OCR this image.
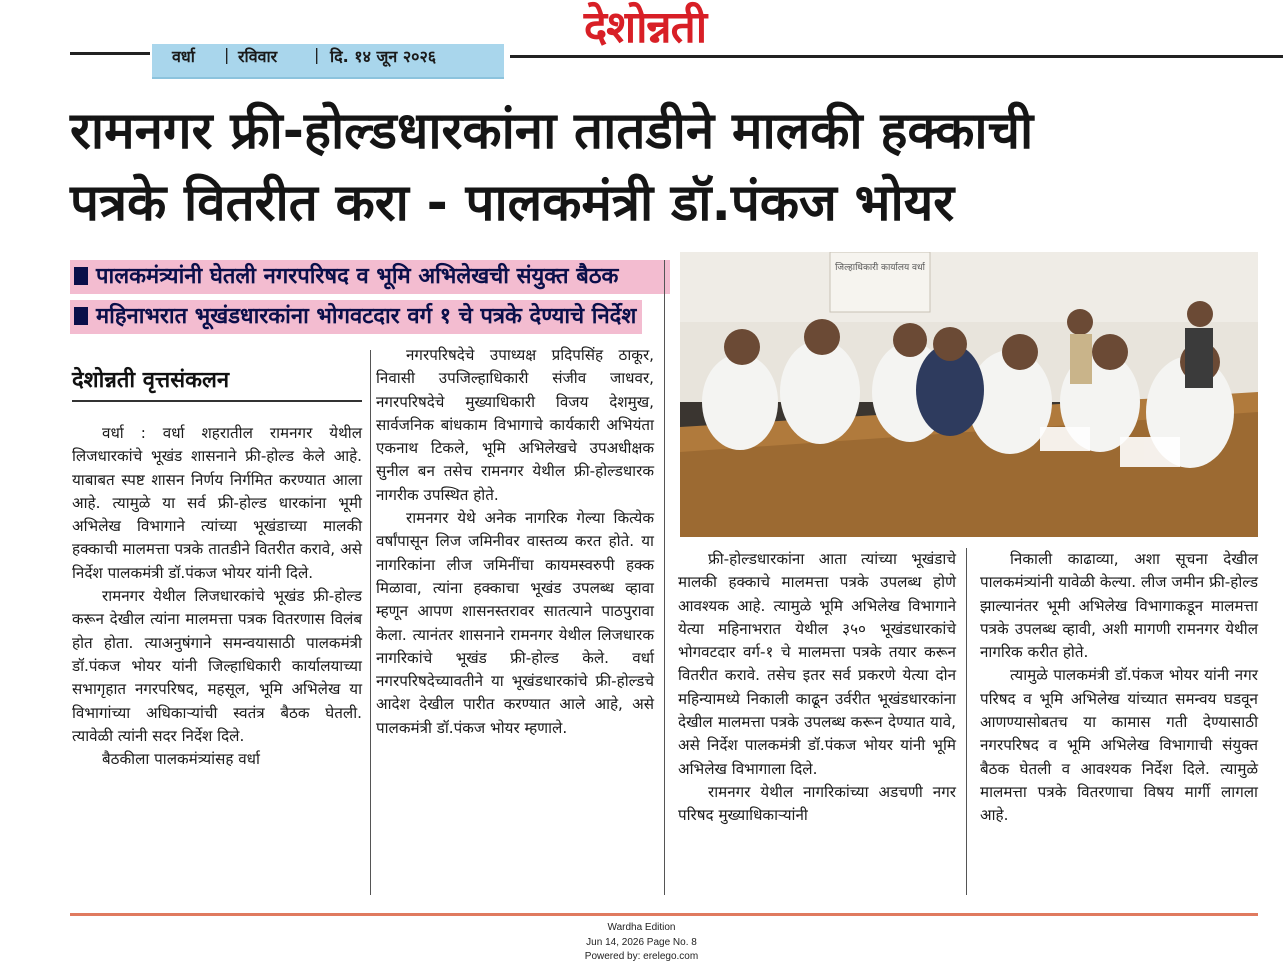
देशोन्नती
वर्धा | रविवार | दि. १४ जून २०२६
रामनगर फ्री-होल्डधारकांना तातडीने मालकी हक्काची
पत्रके वितरीत करा - पालकमंत्री डॉ.पंकज भोयर
पालकमंत्र्यांनी घेतली नगरपरिषद व भूमि अभिलेखची संयुक्त बैठक
महिनाभरात भूखंडधारकांना भोगवटदार वर्ग १ चे पत्रके देण्याचे निर्देश
देशोन्नती वृत्तसंकलन

वर्धा : वर्धा शहरातील रामनगर येथील लिजधारकांचे भूखंड शासनाने फ्री-होल्ड केले आहे. याबाबत स्पष्ट शासन निर्णय निर्गमित करण्यात आला आहे. त्यामुळे या सर्व फ्री-होल्ड धारकांना भूमी अभिलेख विभागाने त्यांच्या भूखंडाच्या मालकी हक्काची मालमत्ता पत्रके तातडीने वितरीत करावे, असे निर्देश पालकमंत्री डॉ.पंकज भोयर यांनी दिले.

रामनगर येथील लिजधारकांचे भूखंड फ्री-होल्ड करून देखील त्यांना मालमत्ता पत्रक वितरणास विलंब होत होता. त्याअनुषंगाने समन्वयासाठी पालकमंत्री डॉ.पंकज भोयर यांनी जिल्हाधिकारी कार्यालयाच्या सभागृहात नगरपरिषद, महसूल, भूमि अभिलेख या विभागांच्या अधिकाऱ्यांची स्वतंत्र बैठक घेतली. त्यावेळी त्यांनी सदर निर्देश दिले.

बैठकीला पालकमंत्र्यांसह वर्धा

नगरपरिषदेचे उपाध्यक्ष प्रदिपसिंह ठाकूर, निवासी उपजिल्हाधिकारी संजीव जाधवर, नगरपरिषदेचे मुख्याधिकारी विजय देशमुख, सार्वजनिक बांधकाम विभागाचे कार्यकारी अभियंता एकनाथ टिकले, भूमि अभिलेखचे उपअधीक्षक सुनील बन तसेच रामनगर येथील फ्री-होल्डधारक नागरीक उपस्थित होते.

रामनगर येथे अनेक नागरिक गेल्या कित्येक वर्षांपासून लिज जमिनीवर वास्तव्य करत होते. या नागरिकांना लीज जमिनींचा कायमस्वरुपी हक्क मिळावा, त्यांना हक्काचा भूखंड उपलब्ध व्हावा म्हणून आपण शासनस्तरावर सातत्याने पाठपुरावा केला. त्यानंतर शासनाने रामनगर येथील लिजधारक नागरिकांचे भूखंड फ्री-होल्ड केले. वर्धा नगरपरिषदेच्यावतीने या भूखंडधारकांचे फ्री-होल्डचे आदेश देखील पारीत करण्यात आले आहे, असे पालकमंत्री डॉ.पंकज भोयर म्हणाले.

जिल्हाधिकारी कार्यालय वर्धा

फ्री-होल्डधारकांना आता त्यांच्या भूखंडाचे मालकी हक्काचे मालमत्ता पत्रके उपलब्ध होणे आवश्यक आहे. त्यामुळे भूमि अभिलेख विभागाने येत्या महिनाभरात येथील ३५० भूखंडधारकांचे भोगवटदार वर्ग-१ चे मालमत्ता पत्रके तयार करून वितरीत करावे. तसेच इतर सर्व प्रकरणे येत्या दोन महिन्यामध्ये निकाली काढून उर्वरीत भूखंडधारकांना देखील मालमत्ता पत्रके उपलब्ध करून देण्यात यावे, असे निर्देश पालकमंत्री डॉ.पंकज भोयर यांनी भूमि अभिलेख विभागाला दिले.

रामनगर येथील नागरिकांच्या अडचणी नगर परिषद मुख्याधिकाऱ्यांनी

निकाली काढाव्या, अशा सूचना देखील पालकमंत्र्यांनी यावेळी केल्या. लीज जमीन फ्री-होल्ड झाल्यानंतर भूमी अभिलेख विभागाकडून मालमत्ता पत्रके उपलब्ध व्हावी, अशी मागणी रामनगर येथील नागरिक करीत होते.

त्यामुळे पालकमंत्री डॉ.पंकज भोयर यांनी नगर परिषद व भूमि अभिलेख यांच्यात समन्वय घडवून आणण्यासोबतच या कामास गती देण्यासाठी नगरपरिषद व भूमि अभिलेख विभागाची संयुक्त बैठक घेतली व आवश्यक निर्देश दिले. त्यामुळे मालमत्ता पत्रके वितरणाचा विषय मार्गी लागला आहे.

Wardha Edition
Jun 14, 2026 Page No. 8
Powered by: erelego.com
